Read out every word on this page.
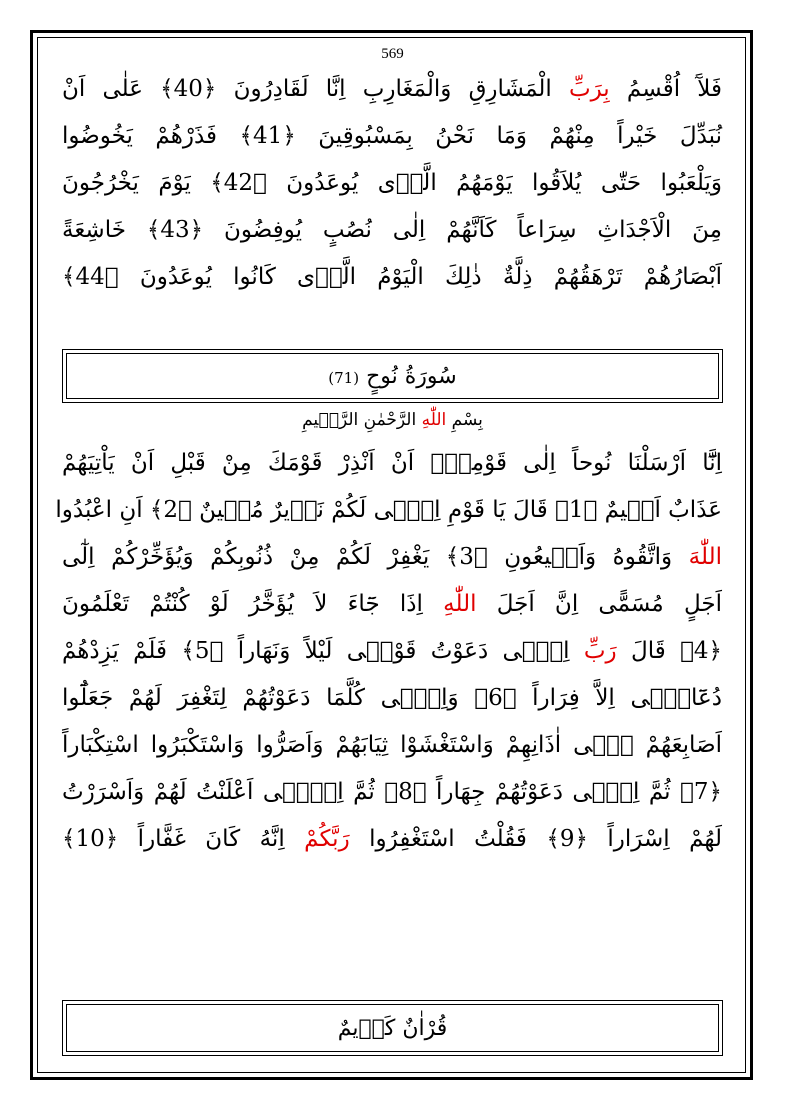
569
فَلآَ اُقْسِمُ بِرَبِّ الْمَشَارِقِ وَالْمَغَارِبِ اِنَّا لَقَادِرُونَ ﴿40﴾ عَلٰى اَنْ
نُبَدِّلَ خَيْراً مِنْهُمْ وَمَا نَحْنُ بِمَسْبُوقِينَ ﴿41﴾ فَذَرْهُمْ يَخُوضُوا
وَيَلْعَبُوا حَتّٰى يُلاَقُوا يَوْمَهُمُ الَّذٖى يُوعَدُونَ ﴿42﴾ يَوْمَ يَخْرُجُونَ
مِنَ الْاَجْدَاثِ سِرَاعاً كَاَنَّهُمْ اِلٰى نُصُبٍ يُوفِضُونَ ﴿43﴾ خَاشِعَةً
اَبْصَارُهُمْ تَرْهَقُهُمْ ذِلَّةٌ ذٰلِكَ الْيَوْمُ الَّذٖى كَانُوا يُوعَدُونَ ﴿44﴾
سُورَةُ نُوحٍ (71)
بِسْمِ اللّٰهِ الرَّحْمٰنِ الرَّحٖيمِ
اِنَّٓا اَرْسَلْنَا نُوحاً اِلٰى قَوْمِهٖٓ اَنْ اَنْذِرْ قَوْمَكَ مِنْ قَبْلِ اَنْ يَاْتِيَهُمْ
عَذَابٌ اَلٖيمٌ ﴿1﴾ قَالَ يَا قَوْمِ اِنّٖى لَكُمْ نَذٖيرٌ مُبٖينٌ ﴿2﴾ اَنِ اعْبُدُوا
اللّٰهَ وَاتَّقُوهُ وَاَطٖيعُونِ ﴿3﴾ يَغْفِرْ لَكُمْ مِنْ ذُنُوبِكُمْ وَيُؤَخِّرْكُمْ اِلٰٓى
اَجَلٍ مُسَمًّى اِنَّ اَجَلَ اللّٰهِ اِذَا جَٓاءَ لاَ يُؤَخَّرُ لَوْ كُنْتُمْ تَعْلَمُونَ
﴿4﴾ قَالَ رَبِّ اِنّٖى دَعَوْتُ قَوْمٖى لَيْلاً وَنَهَاراً ﴿5﴾ فَلَمْ يَزِدْهُمْ
دُعَٓائٖٓى اِلاَّ فِرَاراً ﴿6﴾ وَاِنّٖى كُلَّمَا دَعَوْتُهُمْ لِتَغْفِرَ لَهُمْ جَعَلُٓوا
اَصَابِعَهُمْ فٖٓى اٰذَانِهِمْ وَاسْتَغْشَوْا ثِيَابَهُمْ وَاَصَرُّوا وَاسْتَكْبَرُوا اسْتِكْبَاراً
﴿7﴾ ثُمَّ اِنّٖى دَعَوْتُهُمْ جِهَاراً ﴿8﴾ ثُمَّ اِنّٖٓى اَعْلَنْتُ لَهُمْ وَاَسْرَرْتُ
لَهُمْ اِسْرَاراً ﴿9﴾ فَقُلْتُ اسْتَغْفِرُوا رَبَّكُمْ اِنَّهُ كَانَ غَفَّاراً ﴿10﴾
قُرْاٰنٌ كَرٖيمٌ
